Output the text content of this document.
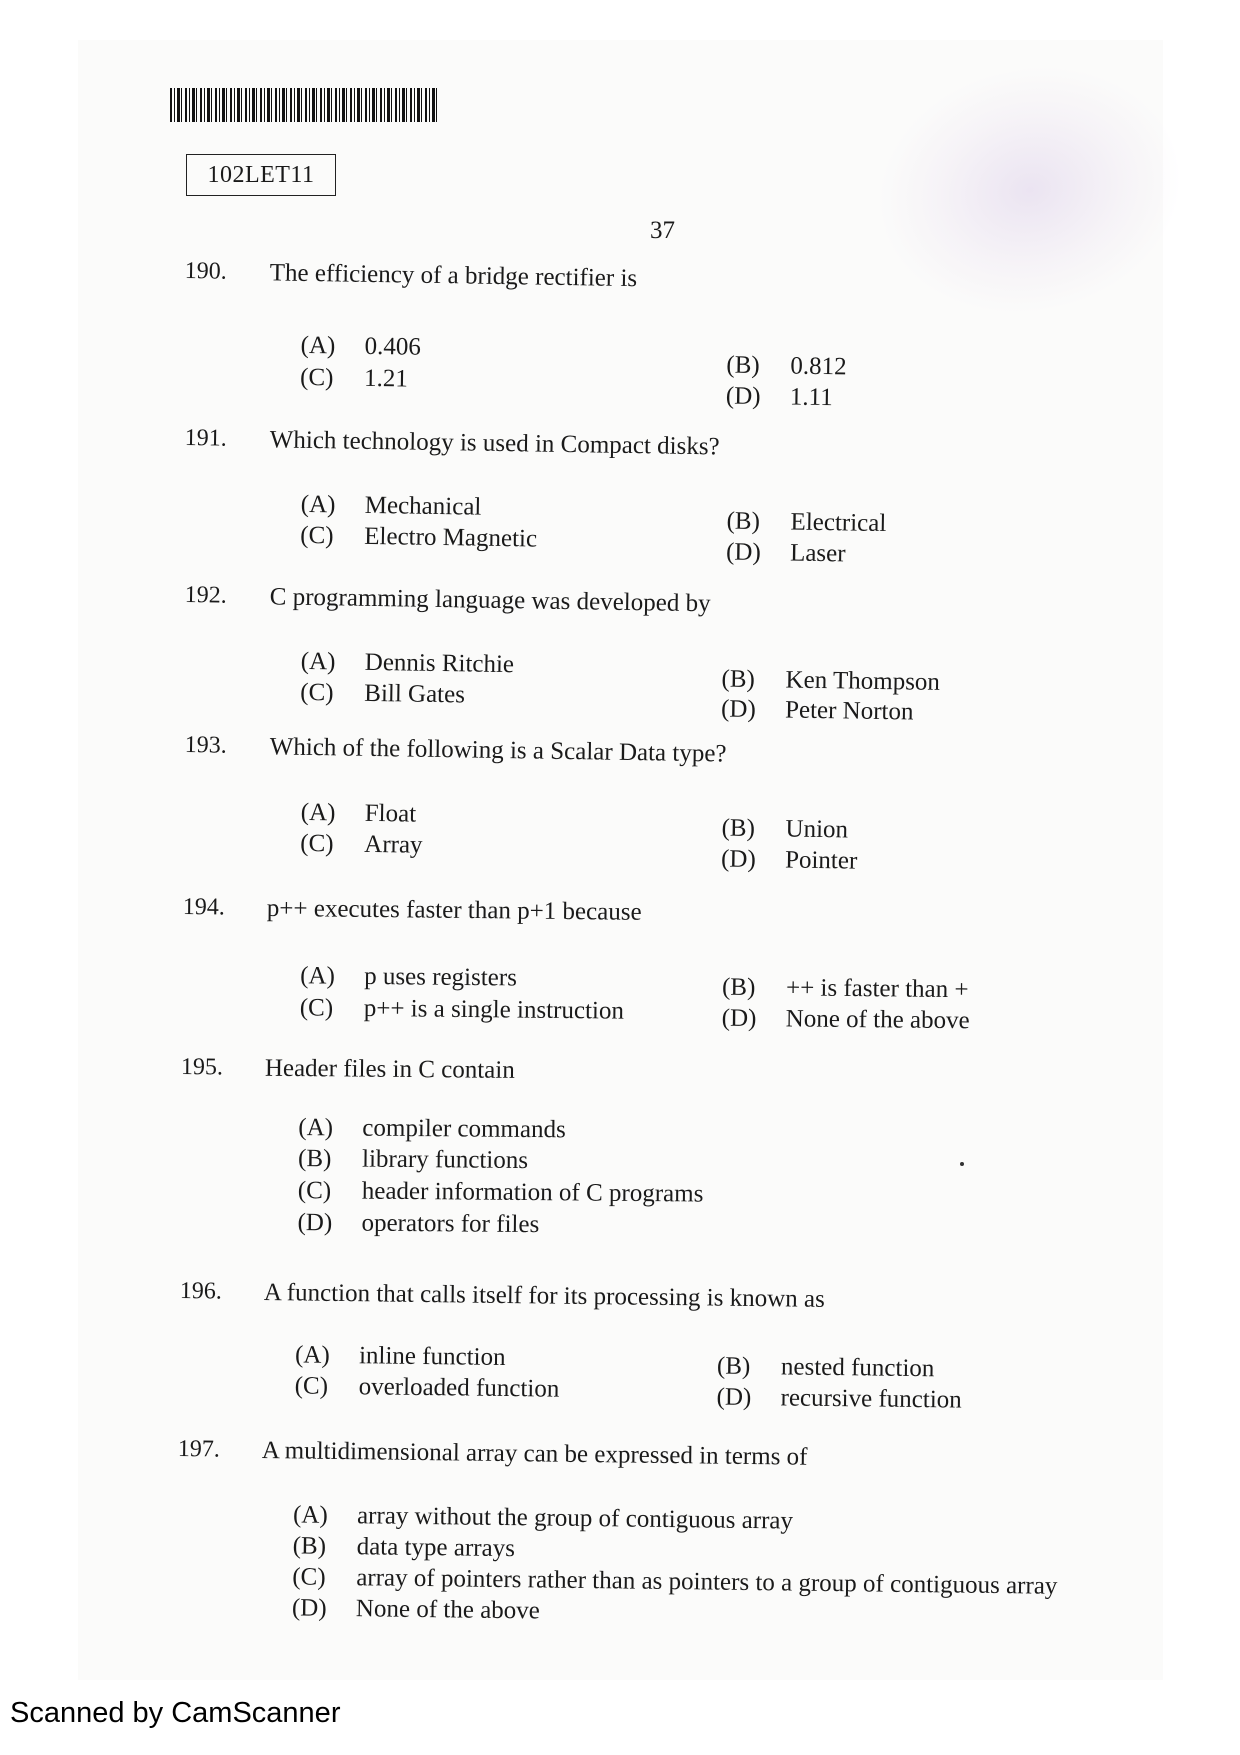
102LET11
37
190. The efficiency of a bridge rectifier is
(A) 0.406
(B) 0.812
(C) 1.21
(D) 1.11
191. Which technology is used in Compact disks?
(A) Mechanical
(B) Electrical
(C) Electro Magnetic	(D) Laser
192. C programming language was developed by
(A) Dennis Ritchie
(B) Ken Thompson
(C) Bill Gates
(D) Peter Norton
193. Which of the following is a Scalar Data type?
(A) Float
(B) Union
(C) Array
(D) Pointer
194. p++ executes faster than p+1 because
(A) p uses registers	(B) ++ is faster than +
(C) p++ is a single instruction	(D) None of the above
195. Header files in C contain
(A) compiler commands
(B) library functions
(C) header information of C programs
(D) operators for files
196. A function that calls itself for its processing is known as
(A) inline function	(B) nested function
(C) overloaded function	(D) recursive function
197. A multidimensional array can be expressed in terms of
(A) array without the group of contiguous array
(B) data type arrays
(C) array of pointers rather than as pointers to a group of contiguous array
(D) None of the above
Scanned by CamScanner
